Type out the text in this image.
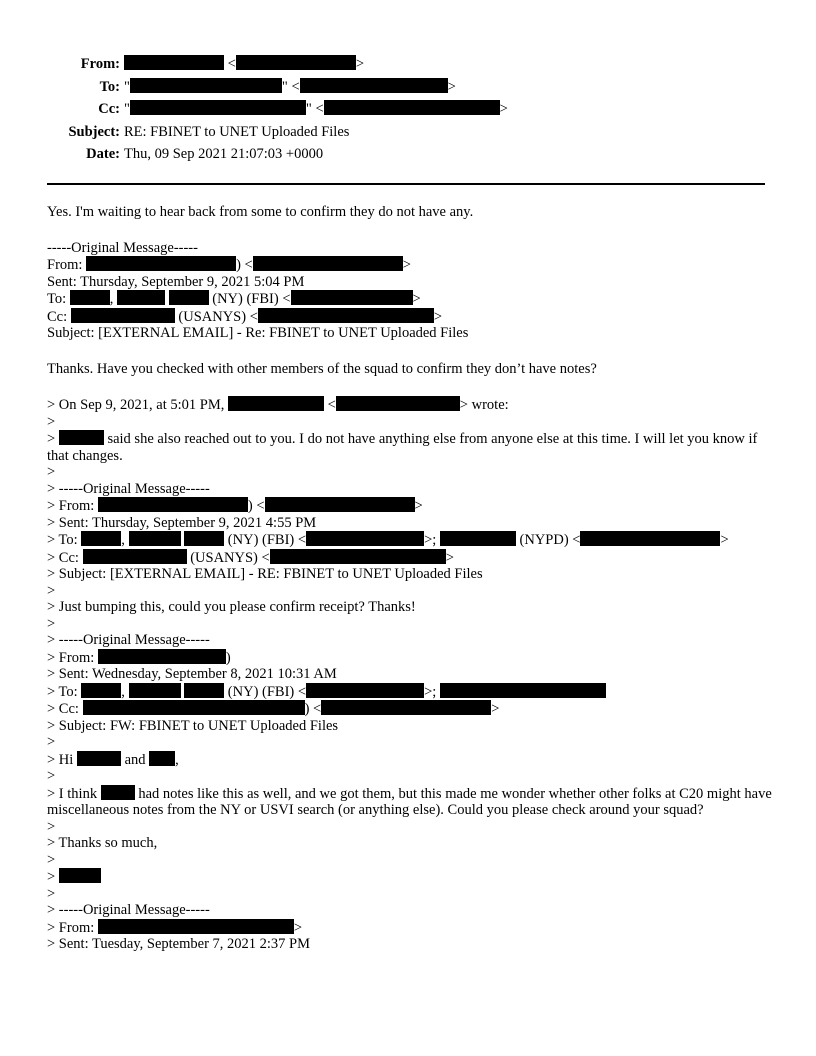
From:	<	>
To: "	" <	>
Cc: "	" <	>
Subject: RE: FBINET to UNET Uploaded Files
Date: Thu, 09 Sep 2021 21:07:03 +0000
Yes. I'm waiting to hear back from some to confirm they do not have any.
-----Original Message-----
From:	) <	>
Sent: Thursday, September 9, 2021 5:04 PM
To:	,	(NY) (FBI) <	>
Cc:	(USANYS) <	>
Subject: [EXTERNAL EMAIL] - Re: FBINET to UNET Uploaded Files
Thanks. Have you checked with other members of the squad to confirm they don’t have notes?
> On Sep 9, 2021, at 5:01 PM,	<	> wrote:
>
>	said she also reached out to you. I do not have anything else from anyone else at this time. I will let you know if that changes.
>
> -----Original Message-----
> From:	) <	>
> Sent: Thursday, September 9, 2021 4:55 PM
> To:	,	(NY) (FBI) <	>;	(NYPD) <	>
> Cc:	(USANYS) <	>
> Subject: [EXTERNAL EMAIL] - RE: FBINET to UNET Uploaded Files
>
> Just bumping this, could you please confirm receipt? Thanks!
>
> -----Original Message-----
> From:	)
> Sent: Wednesday, September 8, 2021 10:31 AM
> To:	,	(NY) (FBI) <	>;
> Cc:	) <	>
> Subject: FW: FBINET to UNET Uploaded Files
>
> Hi	and ,
>
> I think	had notes like this as well, and we got them, but this made me wonder whether other folks at C20 might have miscellaneous notes from the NY or USVI search (or anything else). Could you please check around your squad?
>
> Thanks so much,
>
>
>
> -----Original Message-----
> From:	>
> Sent: Tuesday, September 7, 2021 2:37 PM
